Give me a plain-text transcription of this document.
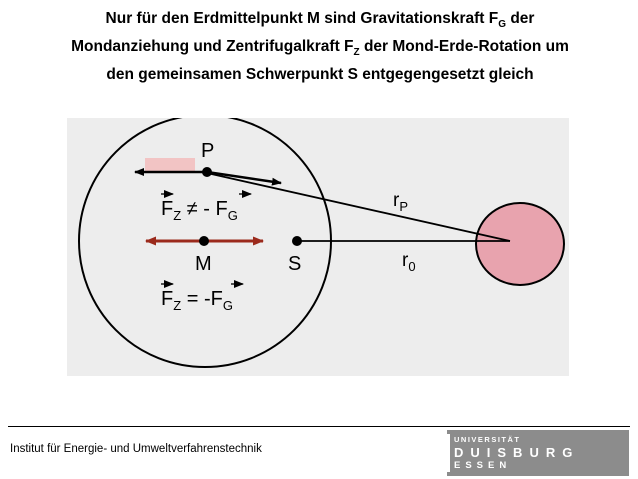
Nur für den Erdmittelpunkt M sind Gravitationskraft $F_G$ der
Mondanziehung und Zentrifugalkraft $F_Z$ der Mond-Erde-Rotation um
den gemeinsamen Schwerpunkt S entgegengesetzt gleich
P
M	S
$r_P$
$r_0$
$F_Z$ ≠ - $F_G$
$F_Z = -F_G$
Institut für Energie- und Umweltverfahrenstechnik
UNIVERSITÄT
DUISBURG
ESSEN
